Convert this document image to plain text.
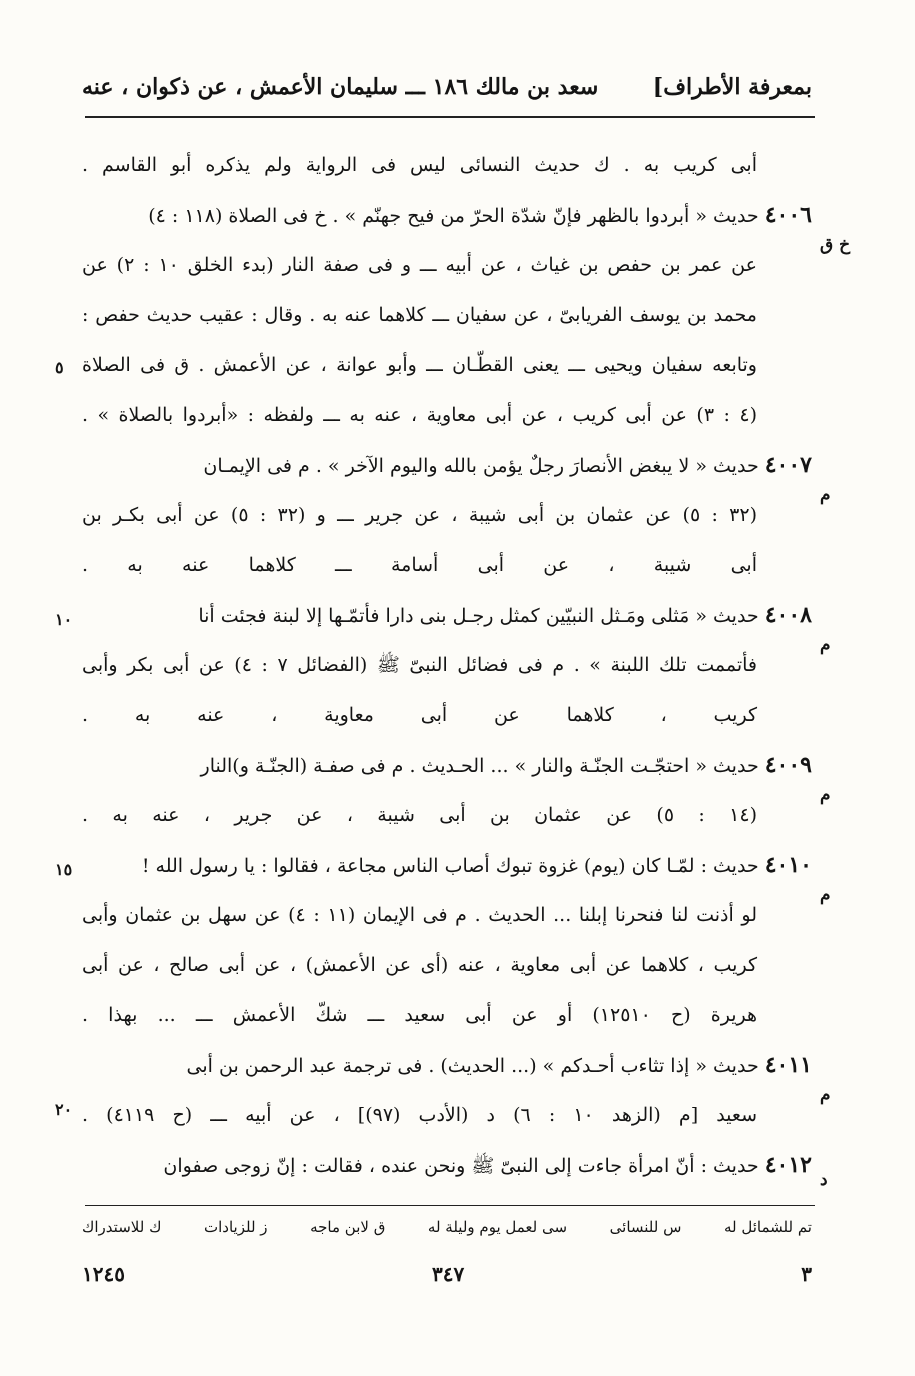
بمعرفة الأطراف]
سعد بن مالك ١٨٦ ـــ سليمان الأعمش ، عن ذكوان ، عنه
أبى كريب به . ك حديث النسائى ليس فى الرواية ولم يذكره أبو القاسم .
٤٠٠٦ حديث « أبردوا بالظهر فإنّ شدّة الحرّ من فيح جهنّم » . خ فى الصلاة (١١٨ : ٤)
عن عمر بن حفص بن غياث ، عن أبيه ـــ و فى صفة النار (بدء الخلق ١٠ : ٢) عن
محمد بن يوسف الفريابىّ ، عن سفيان ـــ كلاهما عنه به . وقال : عقيب حديث حفص :
وتابعه سفيان ويحيى ـــ يعنى القطّـان ـــ وأبو عوانة ، عن الأعمش . ق فى الصلاة
(٤ : ٣) عن أبى كريب ، عن أبى معاوية ، عنه به ـــ ولفظه : «أبردوا بالصلاة » .
٤٠٠٧ حديث « لا يبغض الأنصارَ رجلٌ يؤمن بالله واليوم الآخر » . م فى الإيمـان
(٣٢ : ٥) عن عثمان بن أبى شيبة ، عن جرير ـــ و (٣٢ : ٥) عن أبى بكـر بن
أبى شيبة ، عن أبى أسامة ـــ كلاهما عنه به .
٤٠٠٨ حديث « مَثلى ومَـثل النبيّين كمثل رجـل بنى دارا فأتمّـها إلا لبنة فجئت أنا
فأتممت تلك اللبنة » . م فى فضائل النبىّ ﷺ (الفضائل ٧ : ٤) عن أبى بكر وأبى
كريب ، كلاهما عن أبى معاوية ، عنه به .
٤٠٠٩ حديث « احتجّـت الجنّـة والنار » ... الحـديث . م فى صفـة (الجنّـة و)النار
(١٤ : ٥) عن عثمان بن أبى شيبة ، عن جرير ، عنه به .
٤٠١٠ حديث : لمّـا كان (يوم) غزوة تبوك أصاب الناس مجاعة ، فقالوا : يا رسول الله !
لو أذنت لنا فنحرنا إبلنا ... الحديث . م فى الإيمان (١١ : ٤) عن سهل بن عثمان وأبى
كريب ، كلاهما عن أبى معاوية ، عنه (أى عن الأعمش) ، عن أبى صالح ، عن أبى
هريرة (ح ١٢٥١٠) أو عن أبى سعيد ـــ شكّ الأعمش ـــ ... بهذا .
٤٠١١ حديث « إذا تثاءب أحـدكم » (... الحديث) . فى ترجمة عبد الرحمن بن أبى
سعيد [م (الزهد ١٠ : ٦) د (الأدب (٩٧)] ، عن أبيه ـــ (ح ٤١١٩) .
٤٠١٢ حديث : أنّ امرأة جاءت إلى النبىّ ﷺ ونحن عنده ، فقالت : إنّ زوجى صفوان
خ ق
م
م
م
م
م
د
٥
١٠
١٥
٢٠
تم للشمائل له
س للنسائى
سى لعمل يوم وليلة له
ق لابن ماجه
ز للزيادات
ك للاستدراك
٣
٣٤٧
١٢٤٥
